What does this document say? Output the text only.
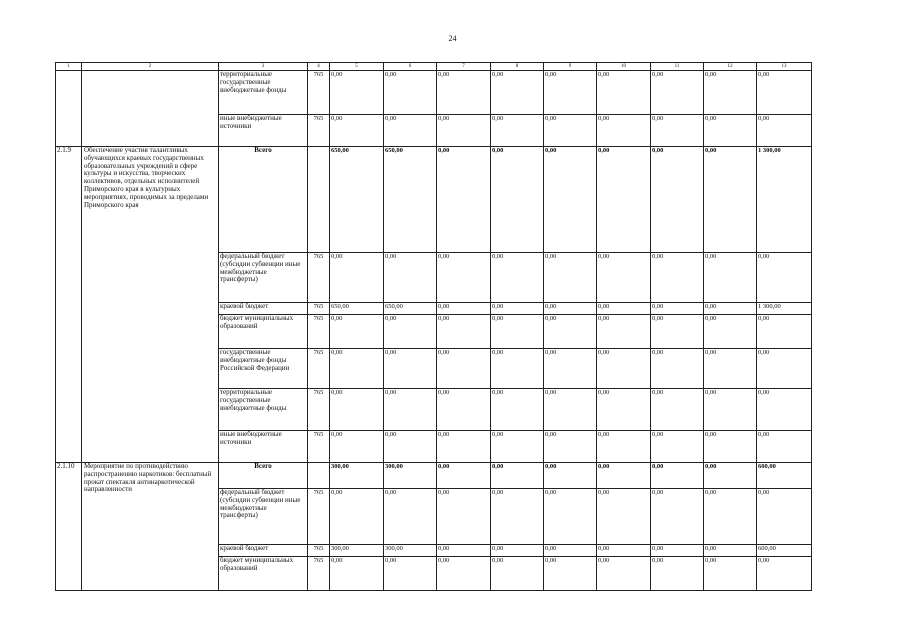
24
1	2	3	4	5	6	7	8	9	10	11	12	13
		территориальные государственные внебюджетные фонды	765	0,00	0,00	0,00	0,00	0,00	0,00	0,00	0,00	0,00
		иные внебюджетные источники	765	0,00	0,00	0,00	0,00	0,00	0,00	0,00	0,00	0,00
2.1.9	Обеспечение участия талантливых обучающихся краевых государственных образовательных учреждений в сфере культуры и искусства, творческих коллективов, отдельных исполнителей Приморского края в культурных мероприятиях, проводимых за пределами Приморского края	Всего		650,00	650,00	0,00	0,00	0,00	0,00	0,00	0,00	1 300,00
		федеральный бюджет (субсидии субвенции иные межбюджетные трансферты)	765	0,00	0,00	0,00	0,00	0,00	0,00	0,00	0,00	0,00
		краевой бюджет	765	650,00	650,00	0,00	0,00	0,00	0,00	0,00	0,00	1 300,00
		бюджет муниципальных образований	765	0,00	0,00	0,00	0,00	0,00	0,00	0,00	0,00	0,00
		государственные внебюджетные фонды Российской Федерации	765	0,00	0,00	0,00	0,00	0,00	0,00	0,00	0,00	0,00
		территориальные государственные внебюджетные фонды	765	0,00	0,00	0,00	0,00	0,00	0,00	0,00	0,00	0,00
		иные внебюджетные источники	765	0,00	0,00	0,00	0,00	0,00	0,00	0,00	0,00	0,00
2.1.10	Мероприятие по противодействию распространению наркотиков: бесплатный прокат спектакля антинаркотической направленности	Всего		300,00	300,00	0,00	0,00	0,00	0,00	0,00	0,00	600,00
		федеральный бюджет (субсидии субвенции иные межбюджетные трансферты)	765	0,00	0,00	0,00	0,00	0,00	0,00	0,00	0,00	0,00
		краевой бюджет	765	300,00	300,00	0,00	0,00	0,00	0,00	0,00	0,00	600,00
		бюджет муниципальных образований	765	0,00	0,00	0,00	0,00	0,00	0,00	0,00	0,00	0,00
